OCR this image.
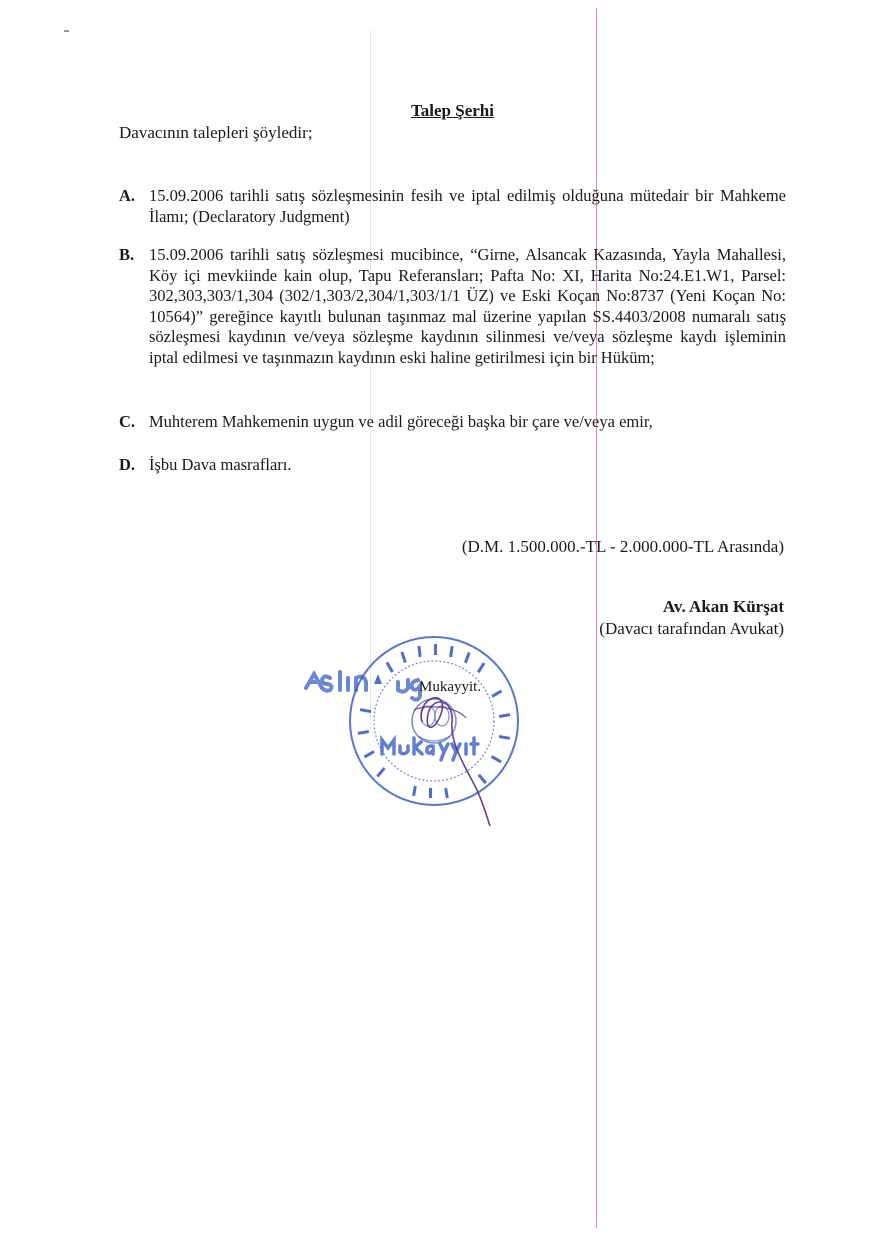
Talep Şerhi
Davacının talepleri şöyledir;
A. 15.09.2006 tarihli satış sözleşmesinin fesih ve iptal edilmiş olduğuna mütedair bir Mahkeme İlamı; (Declaratory Judgment)
B. 15.09.2006 tarihli satış sözleşmesi mucibince, “Girne, Alsancak Kazasında, Yayla Mahallesi, Köy içi mevkiinde kain olup, Tapu Referansları; Pafta No: XI, Harita No:24.E1.W1, Parsel: 302,303,303/1,304 (302/1,303/2,304/1,303/1/1 ÜZ) ve Eski Koçan No:8737 (Yeni Koçan No: 10564)” gereğince kayıtlı bulunan taşınmaz mal üzerine yapılan SS.4403/2008 numaralı satış sözleşmesi kaydının ve/veya sözleşme kaydının silinmesi ve/veya sözleşme kaydı işleminin iptal edilmesi ve taşınmazın kaydının eski haline getirilmesi için bir Hüküm;
C. Muhterem Mahkemenin uygun ve adil göreceği başka bir çare ve/veya emir,
D. İşbu Dava masrafları.
(D.M. 1.500.000.-TL - 2.000.000-TL Arasında)
Av. Akan Kürşat
(Davacı tarafından Avukat)
Mukayyit.
